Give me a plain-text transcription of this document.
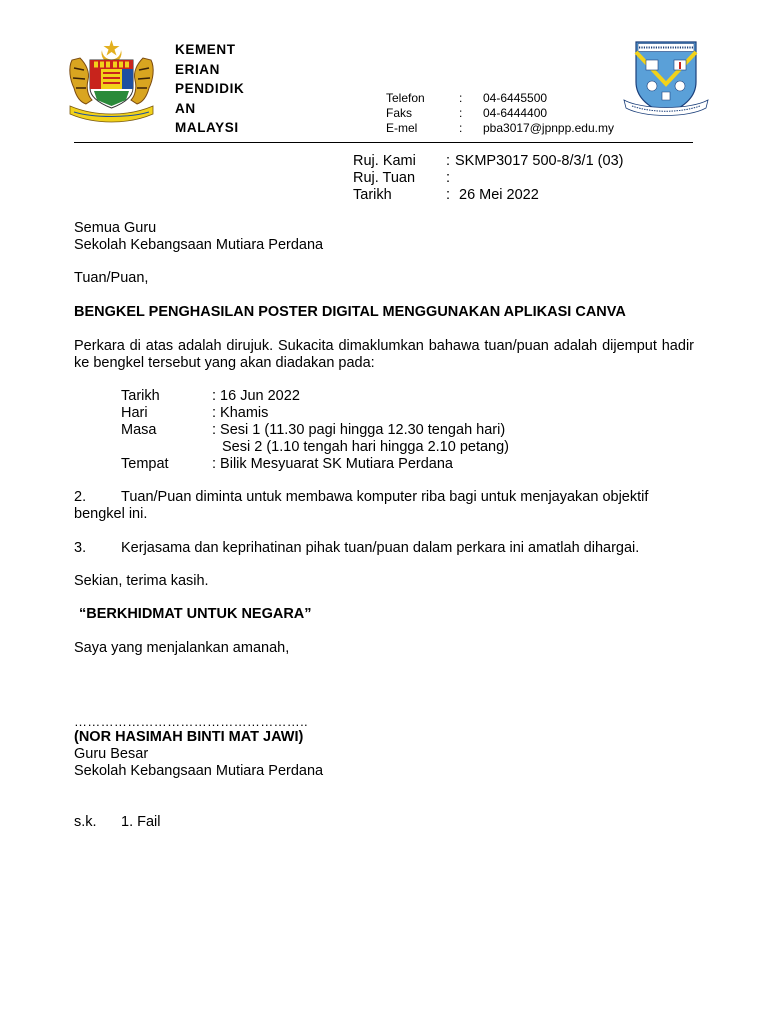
KEMENT
ERIAN
PENDIDIK
AN
MALAYSI
Telefon	: 04-6445500
Faks	: 04-6444400
E-mel	: pba3017@jpnpp.edu.my
Ruj. Kami : SKMP3017 500-8/3/1 (03)
Ruj. Tuan :
Tarikh	: 26 Mei 2022
Semua Guru
Sekolah Kebangsaan Mutiara Perdana
Tuan/Puan,
BENGKEL PENGHASILAN POSTER DIGITAL MENGGUNAKAN APLIKASI CANVA
Perkara di atas adalah dirujuk. Sukacita dimaklumkan bahawa tuan/puan adalah dijemput hadir ke bengkel tersebut yang akan diadakan pada:
Tarikh	: 16 Jun 2022
Hari	: Khamis
Masa	: Sesi 1 (11.30 pagi hingga 12.30 tengah hari)
Sesi 2 (1.10 tengah hari hingga 2.10 petang)
Tempat	: Bilik Mesyuarat SK Mutiara Perdana
2. Tuan/Puan diminta untuk membawa komputer riba bagi untuk menjayakan objektif
bengkel ini.
3. Kerjasama dan keprihatinan pihak tuan/puan dalam perkara ini amatlah dihargai.
Sekian, terima kasih.
“BERKHIDMAT UNTUK NEGARA”
Saya yang menjalankan amanah,
……………………………………………..
(NOR HASIMAH BINTI MAT JAWI)
Guru Besar
Sekolah Kebangsaan Mutiara Perdana
s.k. 1. Fail
